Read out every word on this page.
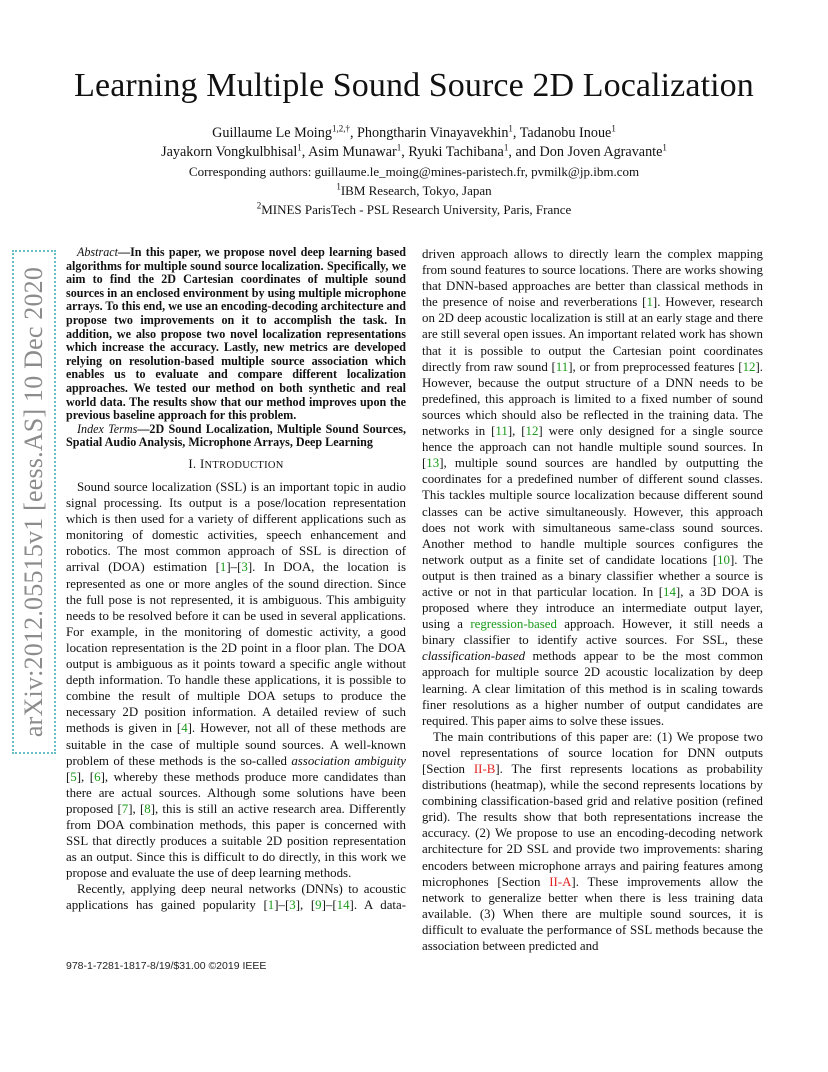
Learning Multiple Sound Source 2D Localization
Guillaume Le Moing$^{1,2,\dagger}$, Phongtharin Vinayavekhin$^1$, Tadanobu Inoue$^1$
Jayakorn Vongkulbhisal$^1$, Asim Munawar$^1$, Ryuki Tachibana$^1$, and Don Joven Agravante$^1$
Corresponding authors: guillaume.le_moing@mines-paristech.fr, pvmilk@jp.ibm.com
$^1$IBM Research, Tokyo, Japan
$^2$MINES ParisTech - PSL Research University, Paris, France
arXiv:2012.05515v1 [eess.AS] 10 Dec 2020

Abstract—In this paper, we propose novel deep learning based algorithms for multiple sound source localization. Specifically, we aim to find the 2D Cartesian coordinates of multiple sound sources in an enclosed environment by using multiple microphone arrays. To this end, we use an encoding-decoding architecture and propose two improvements on it to accomplish the task. In addition, we also propose two novel localization representations which increase the accuracy. Lastly, new metrics are developed relying on resolution-based multiple source association which enables us to evaluate and compare different localization approaches. We tested our method on both synthetic and real world data. The results show that our method improves upon the previous baseline approach for this problem.

Index Terms—2D Sound Localization, Multiple Sound Sources, Spatial Audio Analysis, Microphone Arrays, Deep Learning

I. INTRODUCTION

Sound source localization (SSL) is an important topic in audio signal processing. Its output is a pose/location representation which is then used for a variety of different applications such as monitoring of domestic activities, speech enhancement and robotics. The most common approach of SSL is direction of arrival (DOA) estimation [1]–[3]. In DOA, the location is represented as one or more angles of the sound direction. Since the full pose is not represented, it is ambiguous. This ambiguity needs to be resolved before it can be used in several applications. For example, in the monitoring of domestic activity, a good location representation is the 2D point in a floor plan. The DOA output is ambiguous as it points toward a specific angle without depth information. To handle these applications, it is possible to combine the result of multiple DOA setups to produce the necessary 2D position information. A detailed review of such methods is given in [4]. However, not all of these methods are suitable in the case of multiple sound sources. A well-known problem of these methods is the so-called association ambiguity [5], [6], whereby these methods produce more candidates than there are actual sources. Although some solutions have been proposed [7], [8], this is still an active research area. Differently from DOA combination methods, this paper is concerned with SSL that directly produces a suitable 2D position representation as an output. Since this is difficult to do directly, in this work we propose and evaluate the use of deep learning methods.

Recently, applying deep neural networks (DNNs) to acoustic applications has gained popularity [1]–[3], [9]–[14]. A data-

driven approach allows to directly learn the complex mapping from sound features to source locations. There are works showing that DNN-based approaches are better than classical methods in the presence of noise and reverberations [1]. However, research on 2D deep acoustic localization is still at an early stage and there are still several open issues. An important related work has shown that it is possible to output the Cartesian point coordinates directly from raw sound [11], or from preprocessed features [12]. However, because the output structure of a DNN needs to be predefined, this approach is limited to a fixed number of sound sources which should also be reflected in the training data. The networks in [11], [12] were only designed for a single source hence the approach can not handle multiple sound sources. In [13], multiple sound sources are handled by outputting the coordinates for a predefined number of different sound classes. This tackles multiple source localization because different sound classes can be active simultaneously. However, this approach does not work with simultaneous same-class sound sources. Another method to handle multiple sources configures the network output as a finite set of candidate locations [10]. The output is then trained as a binary classifier whether a source is active or not in that particular location. In [14], a 3D DOA is proposed where they introduce an intermediate output layer, using a regression-based approach. However, it still needs a binary classifier to identify active sources. For SSL, these classification-based methods appear to be the most common approach for multiple source 2D acoustic localization by deep learning. A clear limitation of this method is in scaling towards finer resolutions as a higher number of output candidates are required. This paper aims to solve these issues.

The main contributions of this paper are: (1) We propose two novel representations of source location for DNN outputs [Section II-B]. The first represents locations as probability distributions (heatmap), while the second represents locations by combining classification-based grid and relative position (refined grid). The results show that both representations increase the accuracy. (2) We propose to use an encoding-decoding network architecture for 2D SSL and provide two improvements: sharing encoders between microphone arrays and pairing features among microphones [Section II-A]. These improvements allow the network to generalize better when there is less training data available. (3) When there are multiple sound sources, it is difficult to evaluate the performance of SSL methods because the association between predicted and

978-1-7281-1817-8/19/$31.00 ©2019 IEEE
